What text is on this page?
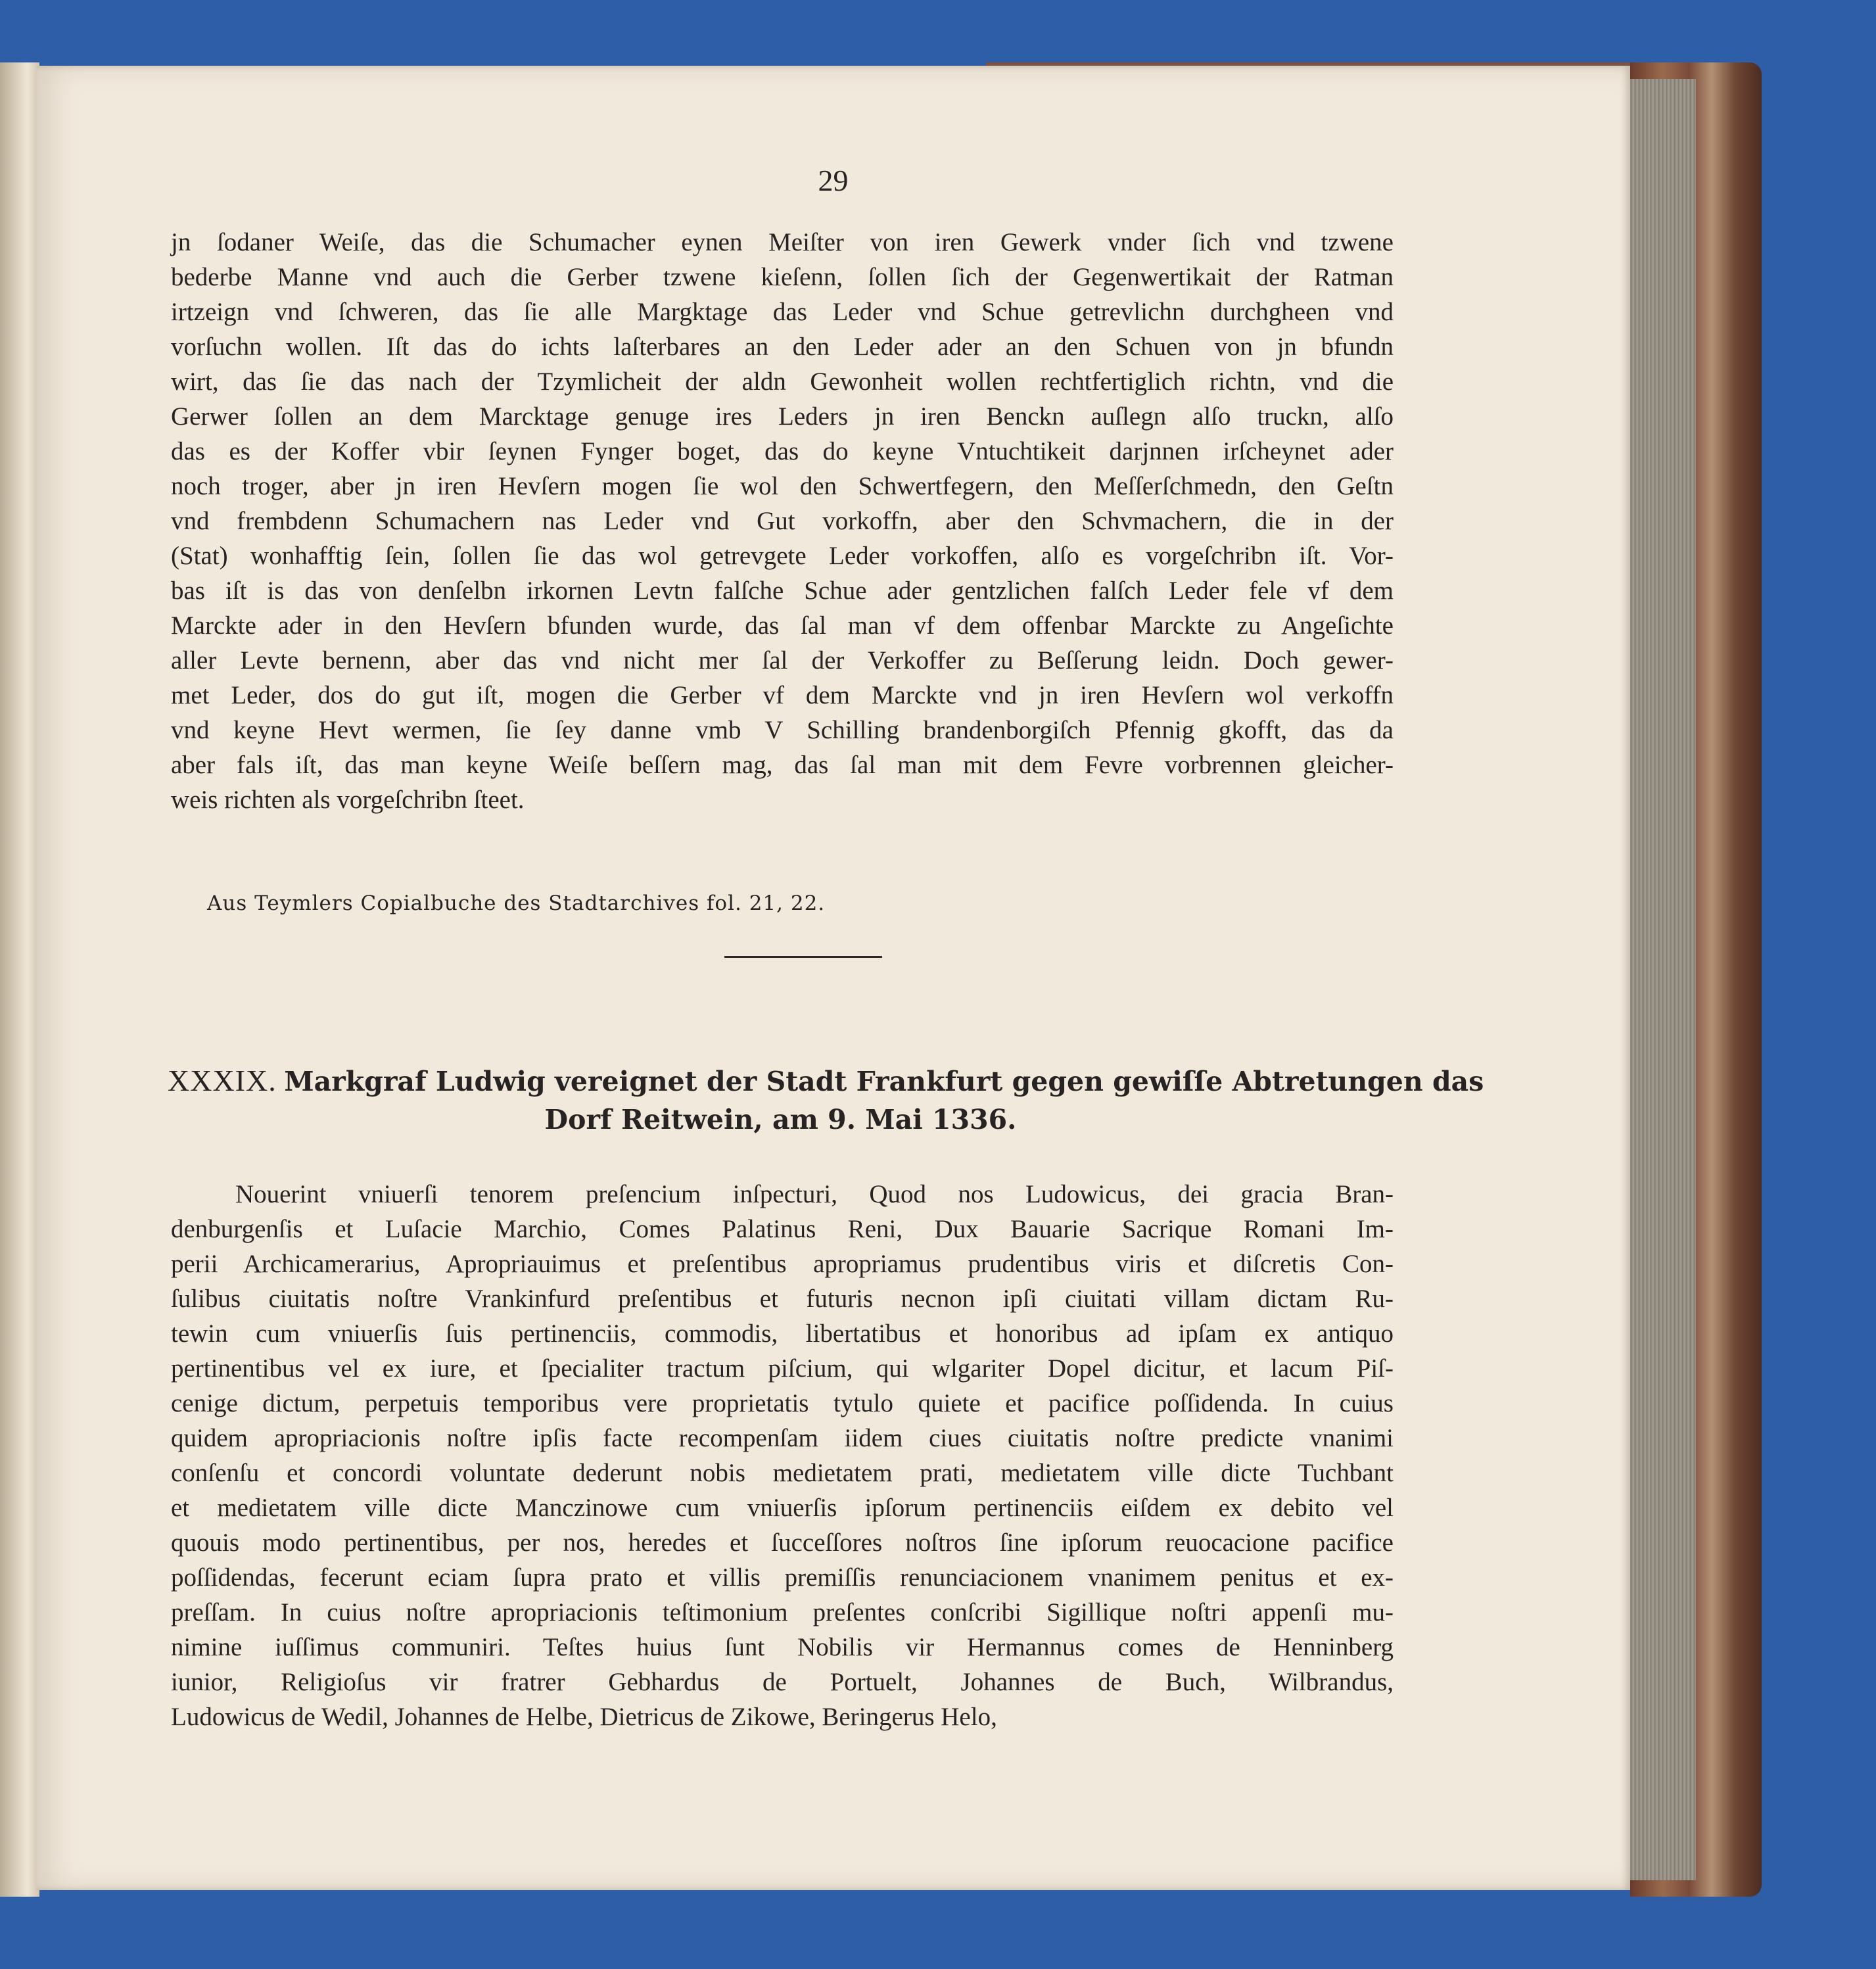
29
jn ſodaner Weiſe, das die Schumacher eynen Meiſter von iren Gewerk vnder ſich vnd tzwene
bederbe Manne vnd auch die Gerber tzwene kieſenn, ſollen ſich der Gegenwertikait der Ratman
irtzeign vnd ſchweren, das ſie alle Margktage das Leder vnd Schue getrevlichn durchgheen vnd
vorſuchn wollen. Iſt das do ichts laſterbares an den Leder ader an den Schuen von jn bfundn
wirt, das ſie das nach der Tzymlicheit der aldn Gewonheit wollen rechtfertiglich richtn, vnd die
Gerwer ſollen an dem Marcktage genuge ires Leders jn iren Benckn auſlegn alſo truckn, alſo
das es der Koffer vbir ſeynen Fynger boget, das do keyne Vntuchtikeit darjnnen irſcheynet ader
noch troger, aber jn iren Hevſern mogen ſie wol den Schwertfegern, den Meſſerſchmedn, den Geſtn
vnd frembdenn Schumachern nas Leder vnd Gut vorkoffn, aber den Schvmachern, die in der
(Stat) wonhafftig ſein, ſollen ſie das wol getrevgete Leder vorkoffen, alſo es vorgeſchribn iſt. Vor-
bas iſt is das von denſelbn irkornen Levtn falſche Schue ader gentzlichen falſch Leder fele vf dem
Marckte ader in den Hevſern bfunden wurde, das ſal man vf dem offenbar Marckte zu Angeſichte
aller Levte bernenn, aber das vnd nicht mer ſal der Verkoffer zu Beſſerung leidn. Doch gewer-
met Leder, dos do gut iſt, mogen die Gerber vf dem Marckte vnd jn iren Hevſern wol verkoffn
vnd keyne Hevt wermen, ſie ſey danne vmb V Schilling brandenborgiſch Pfennig gkofft, das da
aber fals iſt, das man keyne Weiſe beſſern mag, das ſal man mit dem Fevre vorbrennen gleicher-
weis richten als vorgeſchribn ſteet.
Aus Teymlers Copialbuche des Stadtarchives fol. 21, 22.
XXXIX. Markgraf Ludwig vereignet der Stadt Frankfurt gegen gewiſſe Abtretungen das
Dorf Reitwein, am 9. Mai 1336.
Nouerint vniuerſi tenorem preſencium inſpecturi, Quod nos Ludowicus, dei gracia Bran-
denburgenſis et Luſacie Marchio, Comes Palatinus Reni, Dux Bauarie Sacrique Romani Im-
perii Archicamerarius, Apropriauimus et preſentibus apropriamus prudentibus viris et diſcretis Con-
ſulibus ciuitatis noſtre Vrankinfurd preſentibus et futuris necnon ipſi ciuitati villam dictam Ru-
tewin cum vniuerſis ſuis pertinenciis, commodis, libertatibus et honoribus ad ipſam ex antiquo
pertinentibus vel ex iure, et ſpecialiter tractum piſcium, qui wlgariter Dopel dicitur, et lacum Piſ-
cenige dictum, perpetuis temporibus vere proprietatis tytulo quiete et pacifice poſſidenda. In cuius
quidem apropriacionis noſtre ipſis facte recompenſam iidem ciues ciuitatis noſtre predicte vnanimi
conſenſu et concordi voluntate dederunt nobis medietatem prati, medietatem ville dicte Tuchbant
et medietatem ville dicte Manczinowe cum vniuerſis ipſorum pertinenciis eiſdem ex debito vel
quouis modo pertinentibus, per nos, heredes et ſucceſſores noſtros ſine ipſorum reuocacione pacifice
poſſidendas, fecerunt eciam ſupra prato et villis premiſſis renunciacionem vnanimem penitus et ex-
preſſam. In cuius noſtre apropriacionis teſtimonium preſentes conſcribi Sigillique noſtri appenſi mu-
nimine iuſſimus communiri. Teſtes huius ſunt Nobilis vir Hermannus comes de Henninberg
iunior, Religioſus vir fratrer Gebhardus de Portuelt, Johannes de Buch, Wilbrandus,
Ludowicus de Wedil, Johannes de Helbe, Dietricus de Zikowe, Beringerus Helo,
